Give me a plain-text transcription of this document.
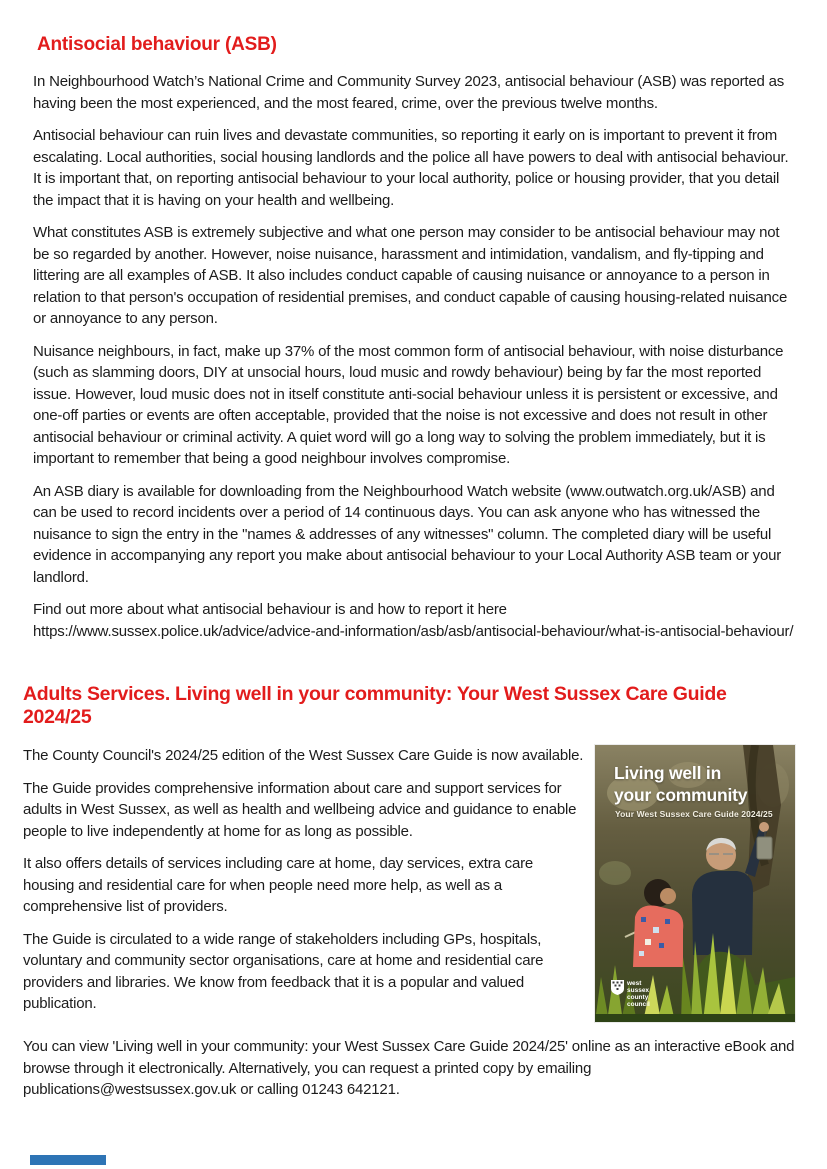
Antisocial behaviour (ASB)

In Neighbourhood Watch’s National Crime and Community Survey 2023, antisocial behaviour (ASB) was reported as having been the most experienced, and the most feared, crime, over the previous twelve months.

Antisocial behaviour can ruin lives and devastate communities, so reporting it early on is important to prevent it from escalating. Local authorities, social housing landlords and the police all have powers to deal with antisocial behaviour. It is important that, on reporting antisocial behaviour to your local authority, police or housing provider, that you detail the impact that it is having on your health and wellbeing.

What constitutes ASB is extremely subjective and what one person may consider to be antisocial behaviour may not be so regarded by another. However, noise nuisance, harassment and intimidation, vandalism, and fly-tipping and littering are all examples of ASB. It also includes conduct capable of causing nuisance or annoyance to a person in relation to that person's occupation of residential premises, and conduct capable of causing housing-related nuisance or annoyance to any person.

Nuisance neighbours, in fact, make up 37% of the most common form of antisocial behaviour, with noise disturbance (such as slamming doors, DIY at unsocial hours, loud music and rowdy behaviour) being by far the most reported issue. However, loud music does not in itself constitute anti-social behaviour unless it is persistent or excessive, and one-off parties or events are often acceptable, provided that the noise is not excessive and does not result in other antisocial behaviour or criminal activity. A quiet word will go a long way to solving the problem immediately, but it is important to remember that being a good neighbour involves compromise.

An ASB diary is available for downloading from the Neighbourhood Watch website (www.outwatch.org.uk/ASB) and can be used to record incidents over a period of 14 continuous days. You can ask anyone who has witnessed the nuisance to sign the entry in the "names & addresses of any witnesses" column. The completed diary will be useful evidence in accompanying any report you make about antisocial behaviour to your Local Authority ASB team or your landlord.

Find out more about what antisocial behaviour is and how to report it here
https://www.sussex.police.uk/advice/advice-and-information/asb/asb/antisocial-behaviour/what-is-antisocial-behaviour/

Adults Services. Living well in your community: Your West Sussex Care Guide 2024/25

The County Council's 2024/25 edition of the West Sussex Care Guide is now available.

The Guide provides comprehensive information about care and support services for adults in West Sussex, as well as health and wellbeing advice and guidance to enable people to live independently at home for as long as possible.

It also offers details of services including care at home, day services, extra care housing and residential care for when people need more help, as well as a comprehensive list of providers.

The Guide is circulated to a wide range of stakeholders including GPs, hospitals, voluntary and community sector organisations, care at home and residential care providers and libraries. We know from feedback that it is a popular and valued publication.

Living well in
your community
Your West Sussex Care Guide 2024/25
west
sussex
county
council

You can view 'Living well in your community: your West Sussex Care Guide 2024/25' online as an interactive eBook and browse through it electronically. Alternatively, you can request a printed copy by emailing publications@westsussex.gov.uk or calling 01243 642121.
